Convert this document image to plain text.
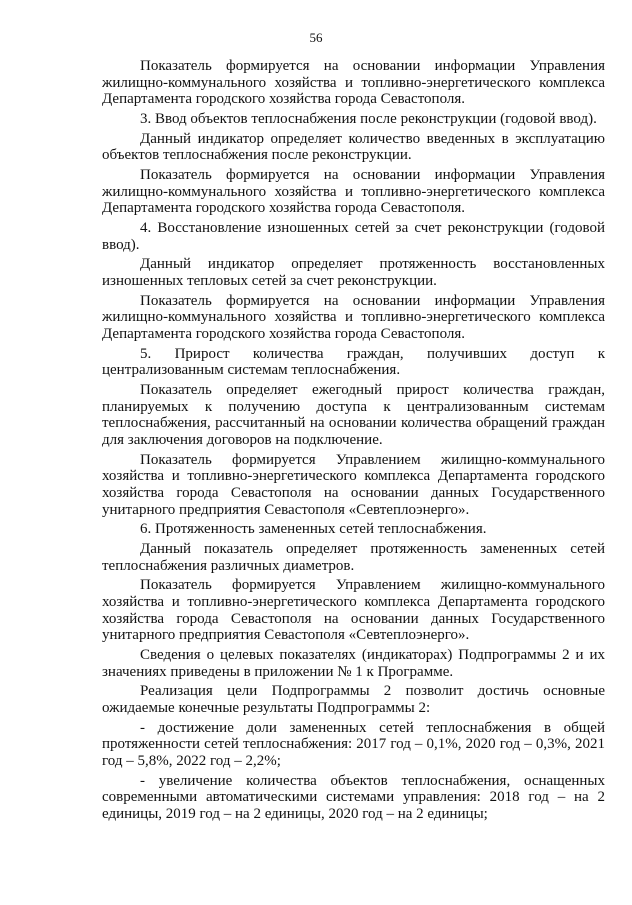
56

Показатель формируется на основании информации Управления жилищно-коммунального хозяйства и топливно-энергетического комплекса Департамента городского хозяйства города Севастополя.

3. Ввод объектов теплоснабжения после реконструкции (годовой ввод).

Данный индикатор определяет количество введенных в эксплуатацию объектов теплоснабжения после реконструкции.

Показатель формируется на основании информации Управления жилищно-коммунального хозяйства и топливно-энергетического комплекса Департамента городского хозяйства города Севастополя.

4. Восстановление изношенных сетей за счет реконструкции (годовой ввод).

Данный индикатор определяет протяженность восстановленных изношенных тепловых сетей за счет реконструкции.

Показатель формируется на основании информации Управления жилищно-коммунального хозяйства и топливно-энергетического комплекса Департамента городского хозяйства города Севастополя.

5. Прирост количества граждан, получивших доступ к централизованным системам теплоснабжения.

Показатель определяет ежегодный прирост количества граждан, планируемых к получению доступа к централизованным системам теплоснабжения, рассчитанный на основании количества обращений граждан для заключения договоров на подключение.

Показатель формируется Управлением жилищно-коммунального хозяйства и топливно-энергетического комплекса Департамента городского хозяйства города Севастополя на основании данных Государственного унитарного предприятия Севастополя «Севтеплоэнерго».

6. Протяженность замененных сетей теплоснабжения.

Данный показатель определяет протяженность замененных сетей теплоснабжения различных диаметров.

Показатель формируется Управлением жилищно-коммунального хозяйства и топливно-энергетического комплекса Департамента городского хозяйства города Севастополя на основании данных Государственного унитарного предприятия Севастополя «Севтеплоэнерго».

Сведения о целевых показателях (индикаторах) Подпрограммы 2 и их значениях приведены в приложении № 1 к Программе.

Реализация цели Подпрограммы 2 позволит достичь основные ожидаемые конечные результаты Подпрограммы 2:

- достижение доли замененных сетей теплоснабжения в общей протяженности сетей теплоснабжения: 2017 год – 0,1%, 2020 год – 0,3%, 2021 год – 5,8%, 2022 год – 2,2%;

- увеличение количества объектов теплоснабжения, оснащенных современными автоматическими системами управления: 2018 год – на 2 единицы, 2019 год – на 2 единицы, 2020 год – на 2 единицы;
